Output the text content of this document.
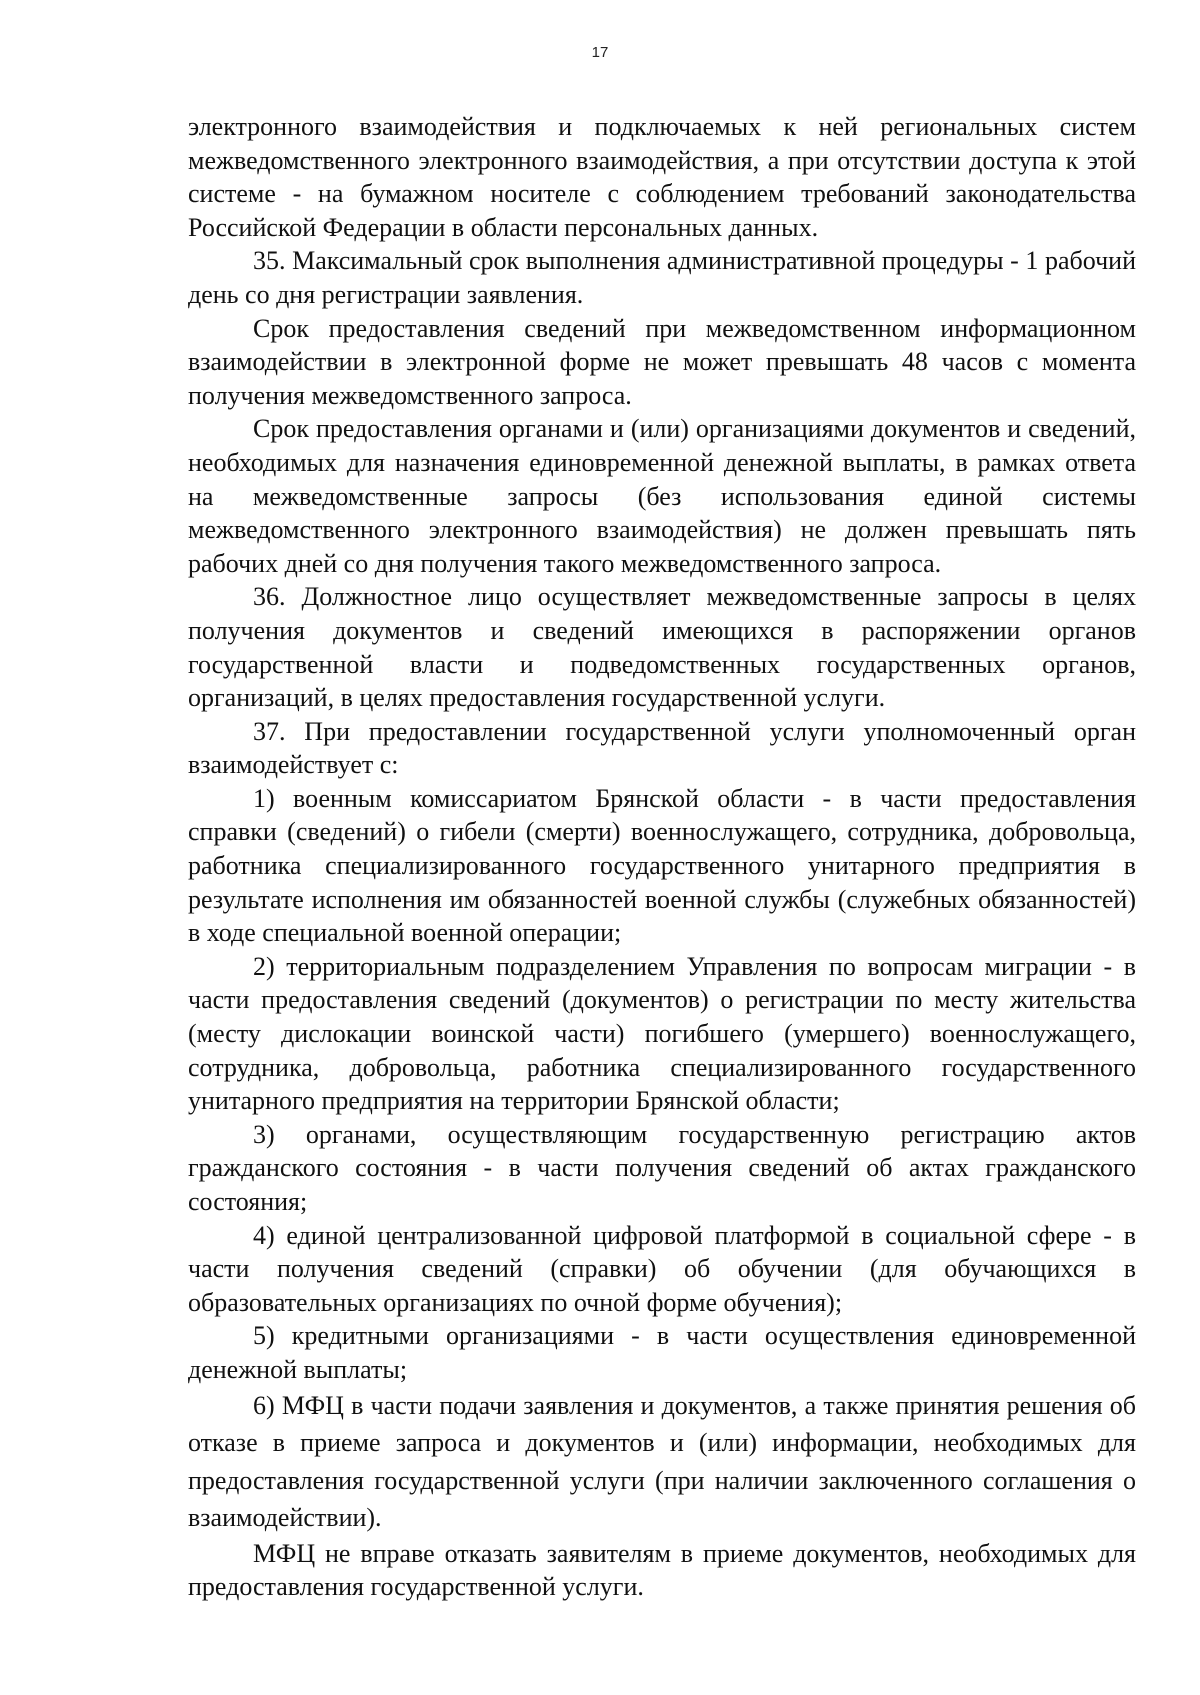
17

электронного взаимодействия и подключаемых к ней региональных систем межведомственного электронного взаимодействия, а при отсутствии доступа к этой системе - на бумажном носителе с соблюдением требований законодательства Российской Федерации в области персональных данных.

35. Максимальный срок выполнения административной процедуры - 1 рабочий день со дня регистрации заявления.

Срок предоставления сведений при межведомственном информационном взаимодействии в электронной форме не может превышать 48 часов с момента получения межведомственного запроса.

Срок предоставления органами и (или) организациями документов и сведений, необходимых для назначения единовременной денежной выплаты, в рамках ответа на межведомственные запросы (без использования единой системы межведомственного электронного взаимодействия) не должен превышать пять рабочих дней со дня получения такого межведомственного запроса.

36. Должностное лицо осуществляет межведомственные запросы в целях получения документов и сведений имеющихся в распоряжении органов государственной власти и подведомственных государственных органов, организаций, в целях предоставления государственной услуги.

37. При предоставлении государственной услуги уполномоченный орган взаимодействует с:

1) военным комиссариатом Брянской области - в части предоставления справки (сведений) о гибели (смерти) военнослужащего, сотрудника, добровольца, работника специализированного государственного унитарного предприятия в результате исполнения им обязанностей военной службы (служебных обязанностей) в ходе специальной военной операции;

2) территориальным подразделением Управления по вопросам миграции - в части предоставления сведений (документов) о регистрации по месту жительства (месту дислокации воинской части) погибшего (умершего) военнослужащего, сотрудника, добровольца, работника специализированного государственного унитарного предприятия на территории Брянской области;

3) органами, осуществляющим государственную регистрацию актов гражданского состояния - в части получения сведений об актах гражданского состояния;

4) единой централизованной цифровой платформой в социальной сфере - в части получения сведений (справки) об обучении (для обучающихся в образовательных организациях по очной форме обучения);

5) кредитными организациями - в части осуществления единовременной денежной выплаты;

6) МФЦ в части подачи заявления и документов, а также принятия решения об отказе в приеме запроса и документов и (или) информации, необходимых для предоставления государственной услуги (при наличии заключенного соглашения о взаимодействии).

МФЦ не вправе отказать заявителям в приеме документов, необходимых для предоставления государственной услуги.
